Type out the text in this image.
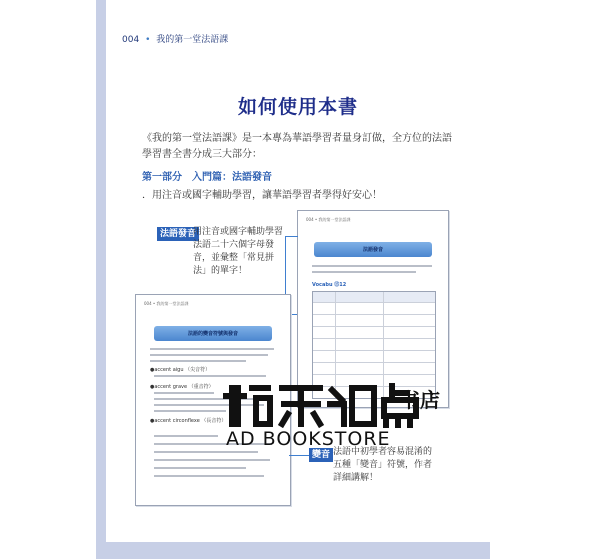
004 • 我的第一堂法語課
如何使用本書
《我的第一堂法語課》是一本專為華語學習者量身訂做，全方位的法語學習書全書分成三大部分：
第一部分　入門篇：法語發音
．用注音或國字輔助學習，讓華語學習者學得好安心！
法語發音
用注音或國字輔助學習法語二十六個字母發音，並彙整「常見拼法」的單字！
004 • 我的第一堂法語課
法語發音
Vocabu ⑮12
004 • 我的第一堂法語課
法語的變音符號與發音
●accent aigu （尖音符）
●accent grave （重音符）
●accent circonflexe （長音符）
變音 法語中初學者容易混淆的五種「變音」符號，作者詳細講解！
书店
AD BOOKSTORE
